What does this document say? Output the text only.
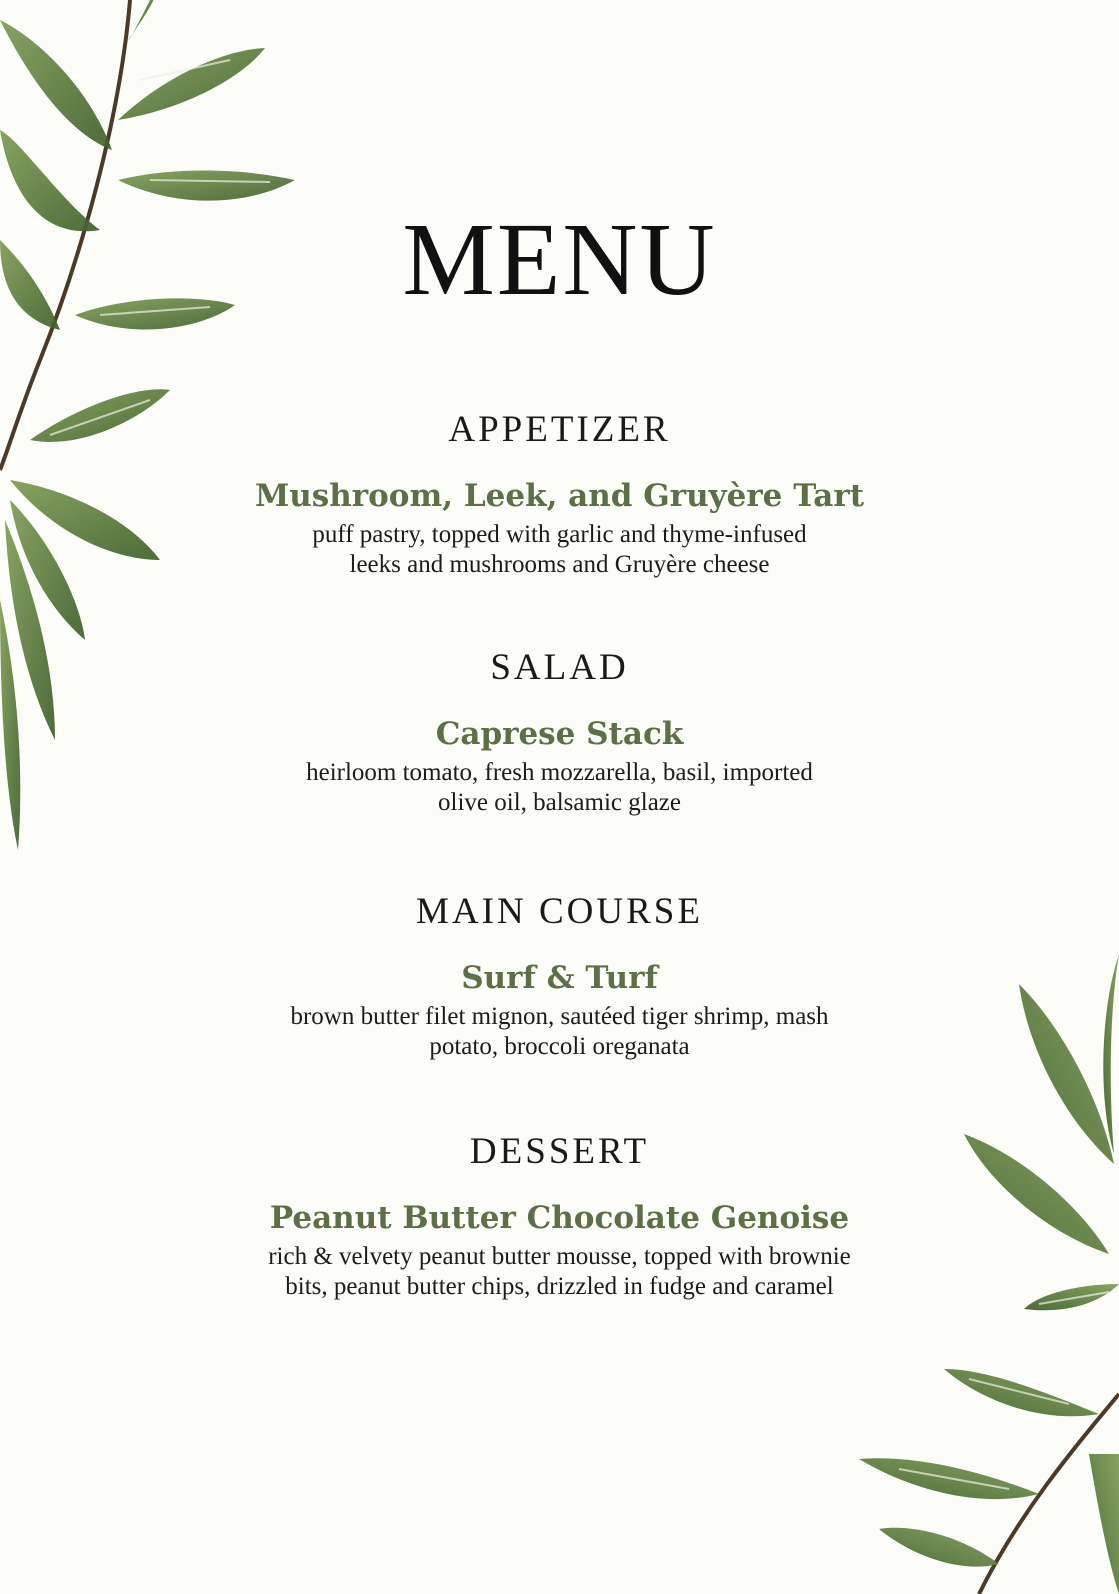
MENU
APPETIZER
Mushroom, Leek, and Gruyère Tart
puff pastry, topped with garlic and thyme-infused
leeks and mushrooms and Gruyère cheese
SALAD
Caprese Stack
heirloom tomato, fresh mozzarella, basil, imported
olive oil, balsamic glaze
MAIN COURSE
Surf & Turf
brown butter filet mignon, sautéed tiger shrimp, mash
potato, broccoli oreganata
DESSERT
Peanut Butter Chocolate Genoise
rich & velvety peanut butter mousse, topped with brownie
bits, peanut butter chips, drizzled in fudge and caramel
